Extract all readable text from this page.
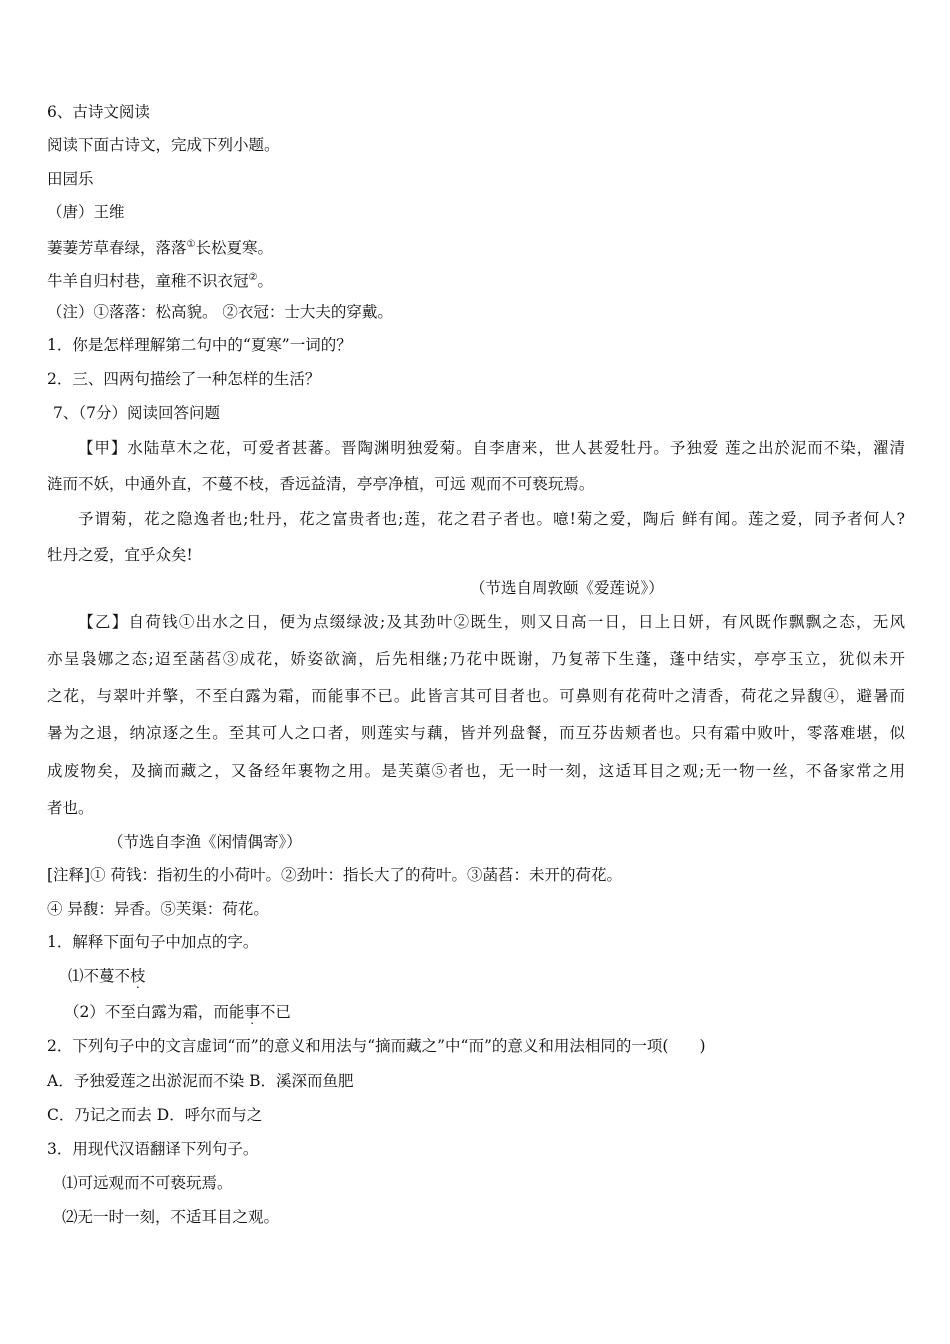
6、古诗文阅读
阅读下面古诗文，完成下列小题。
田园乐
（唐）王维
萋萋芳草春绿，落落①长松夏寒。
牛羊自归村巷，童稚不识衣冠②。
（注）①落落：松高貌。 ②衣冠：士大夫的穿戴。
1．你是怎样理解第二句中的“夏寒”一词的？
2．三、四两句描绘了一种怎样的生活？
7、（7分）阅读回答问题
【甲】水陆草木之花，可爱者甚蕃。晋陶渊明独爱菊。自李唐来，世人甚爱牡丹。予独爱 莲之出於泥而不染，濯清
涟而不妖，中通外直，不蔓不枝，香远益清，亭亭净植，可远 观而不可亵玩焉。
予谓菊，花之隐逸者也;牡丹，花之富贵者也;莲，花之君子者也。噫!菊之爱，陶后 鲜有闻。莲之爱，同予者何人?
牡丹之爱，宜乎众矣!
（节选自周敦颐《爱莲说》）
【乙】自荷钱①出水之日，便为点缀绿波;及其劲叶②既生，则又日高一日，日上日妍，有风既作飘飘之态，无风
亦呈袅娜之态;迢至菡萏③成花，娇姿欲滴，后先相继;乃花中既谢，乃复蒂下生蓬，蓬中结实，亭亭玉立，犹似未开
之花，与翠叶并擎，不至白露为霜，而能事不已。此皆言其可目者也。可鼻则有花荷叶之清香，荷花之异馥④，避暑而
暑为之退，纳凉逐之生。至其可人之口者，则莲实与藕，皆并列盘餐，而互芬齿颊者也。只有霜中败叶，零落难堪，似
成废物矣，及摘而藏之，又备经年裹物之用。是芙蕖⑤者也，无一时一刻，这适耳目之观;无一物一丝，不备家常之用
者也。
（节选自李渔《闲情偶寄》）
[注释]① 荷钱：指初生的小荷叶。②劲叶：指长大了的荷叶。③菡萏：未开的荷花。
④ 异馥：异香。⑤芙渠：荷花。
1．解释下面句子中加点的字。
⑴不蔓不枝
（2）不至白露为霜，而能事不已
2．下列句子中的文言虚词“而”的意义和用法与“摘而藏之”中“而”的意义和用法相同的一项(　　)
A．予独爱莲之出淤泥而不染 B．溪深而鱼肥
C．乃记之而去 D．呼尔而与之
3．用现代汉语翻译下列句子。
⑴可远观而不可亵玩焉。
⑵无一时一刻，不适耳目之观。
